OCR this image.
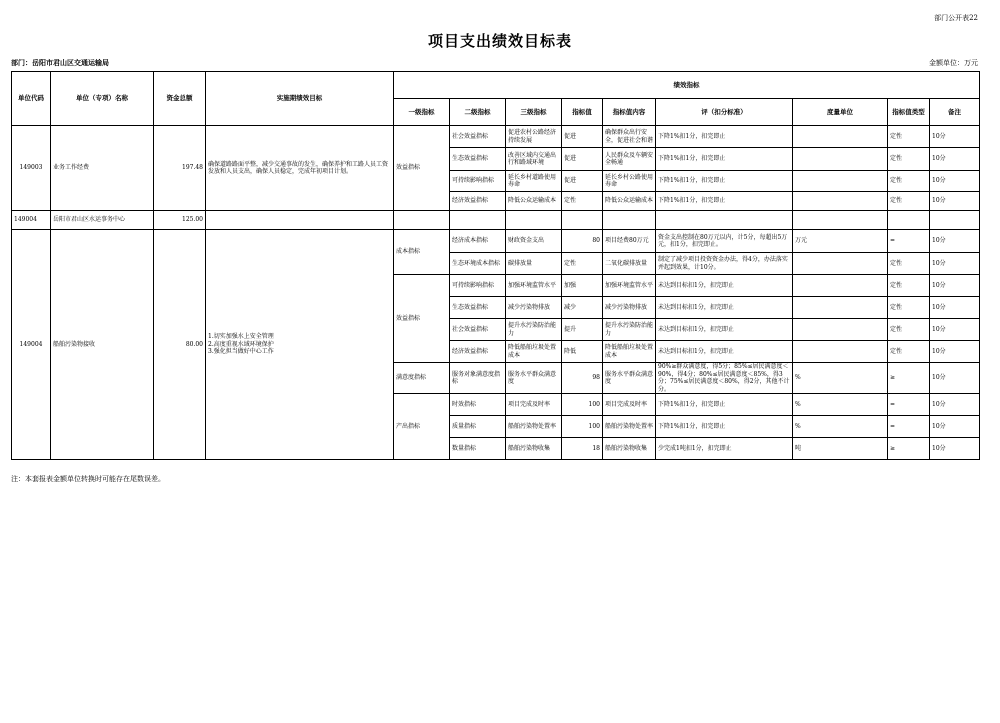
部门公开表22
项目支出绩效目标表
部门：岳阳市君山区交通运输局	金额单位：万元
单位代码	单位（专项）名称	资金总额	实施期绩效目标	绩效指标								
				一级指标	二级指标	三级指标	指标值	指标值内容	评（扣分标准）	度量单位	指标值类型	备注
149003	业务工作经费	197.48	确保道路路面平整，减少交通事故的发生，确保养护和工路人员工资发放和人员支出，确保人员稳定，完成年初项目计划。	效益指标	社会效益指标	促进农村公路经济持续发展	促进	确保群众出行安全，促进社会和谐	下降1%扣1分，扣完即止		定性	10分
					生态效益指标	改善区域内交通出行和路域环境	促进	人民群众及车辆安全畅通	下降1%扣1分，扣完即止		定性	10分
					可持续影响指标	延长乡村道路使用寿命	促进	延长乡村公路使用寿命	下降1%扣1分，扣完即止		定性	10分
					经济效益指标	降低公众运输成本	定性	降低公众运输成本	下降1%扣1分，扣完即止		定性	10分
149004	岳阳市君山区水运事务中心	125.00										
149004	船舶污染物接收	80.00	1.切实加强水上安全管理
2.高度重视水域环境保护
3.强化担当做好中心工作	成本指标	经济成本指标	财政资金支出	80	项目经费80万元	资金支出控制在80万元以内，计5分，每超出5万元，扣1分，扣完即止。	万元	=	10分
					生态环境成本指标	碳排放量	定性	二氧化碳排放量	制定了减少项目投资资金办法，得4分，办法落实并起到效果，计10分。		定性	10分
				效益指标	可持续影响指标	加强环境监管水平	加强	加强环境监管水平	未达到目标扣1分，扣完即止		定性	10分
					生态效益指标	减少污染物排放	减少	减少污染物排放	未达到目标扣1分，扣完即止		定性	10分
					社会效益指标	提升水污染防治能力	提升	提升水污染防治能力	未达到目标扣1分，扣完即止		定性	10分
					经济效益指标	降低船舶垃圾处置成本	降低	降低船舶垃圾处置成本	未达到目标扣1分，扣完即止		定性	10分
				满意度指标	服务对象满意度指标	服务水平群众满意度	98	服务水平群众满意度	90%≥群众满意度，得5分；85%≤居民满意度＜90%，得4分；80%≤居民满意度＜85%，得3分；75%≤居民满意度＜80%，得2分，其他不计分。	%	≥	10分
				产出指标	时效指标	项目完成及时率	100	项目完成及时率	下降1%扣1分，扣完即止	%	=	10分
					质量指标	船舶污染物处置率	100	船舶污染物处置率	下降1%扣1分，扣完即止	%	=	10分
					数量指标	船舶污染物收集	18	船舶污染物收集	少完成1吨扣1分，扣完即止	吨	≥	10分
注：本套报表金额单位转换时可能存在尾数误差。
